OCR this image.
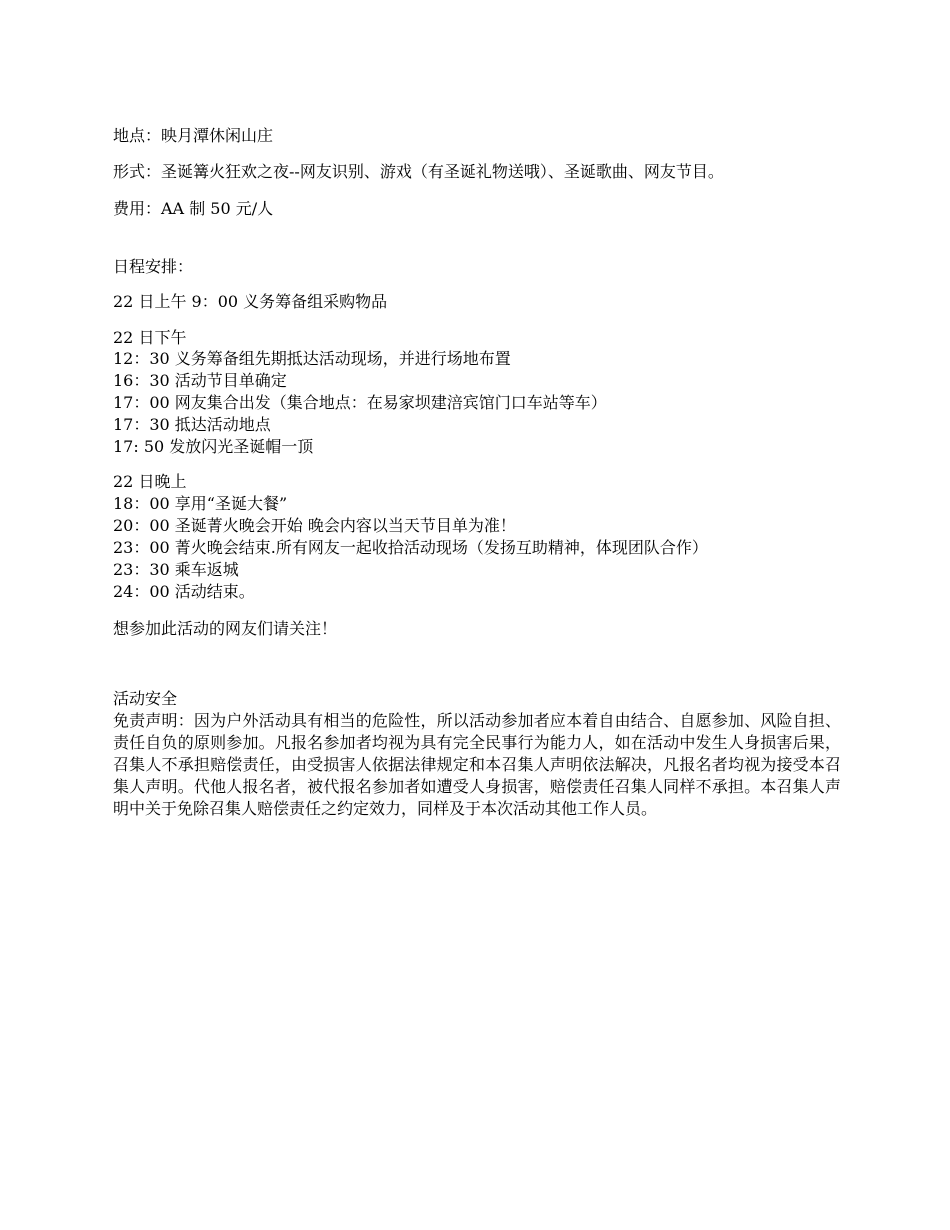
地点：映月潭休闲山庄
形式：圣诞篝火狂欢之夜--网友识别、游戏（有圣诞礼物送哦）、圣诞歌曲、网友节目。
费用：AA 制 50 元/人
日程安排：
22 日上午 9：00 义务筹备组采购物品
22 日下午
12：30 义务筹备组先期抵达活动现场，并进行场地布置
16：30 活动节目单确定
17：00 网友集合出发（集合地点：在易家坝建涪宾馆门口车站等车）
17：30 抵达活动地点
17: 50 发放闪光圣诞帽一顶
22 日晚上
18：00 享用“圣诞大餐”
20：00 圣诞菁火晚会开始 晚会内容以当天节目单为准！
23：00 菁火晚会结束.所有网友一起收拾活动现场（发扬互助精神，体现团队合作）
23：30 乘车返城
24：00 活动结束。
想参加此活动的网友们请关注！
活动安全
免责声明：因为户外活动具有相当的危险性，所以活动参加者应本着自由结合、自愿参加、风险自担、责任自负的原则参加。凡报名参加者均视为具有完全民事行为能力人，如在活动中发生人身损害后果，召集人不承担赔偿责任，由受损害人依据法律规定和本召集人声明依法解决，凡报名者均视为接受本召集人声明。代他人报名者，被代报名参加者如遭受人身损害，赔偿责任召集人同样不承担。本召集人声明中关于免除召集人赔偿责任之约定效力，同样及于本次活动其他工作人员。
